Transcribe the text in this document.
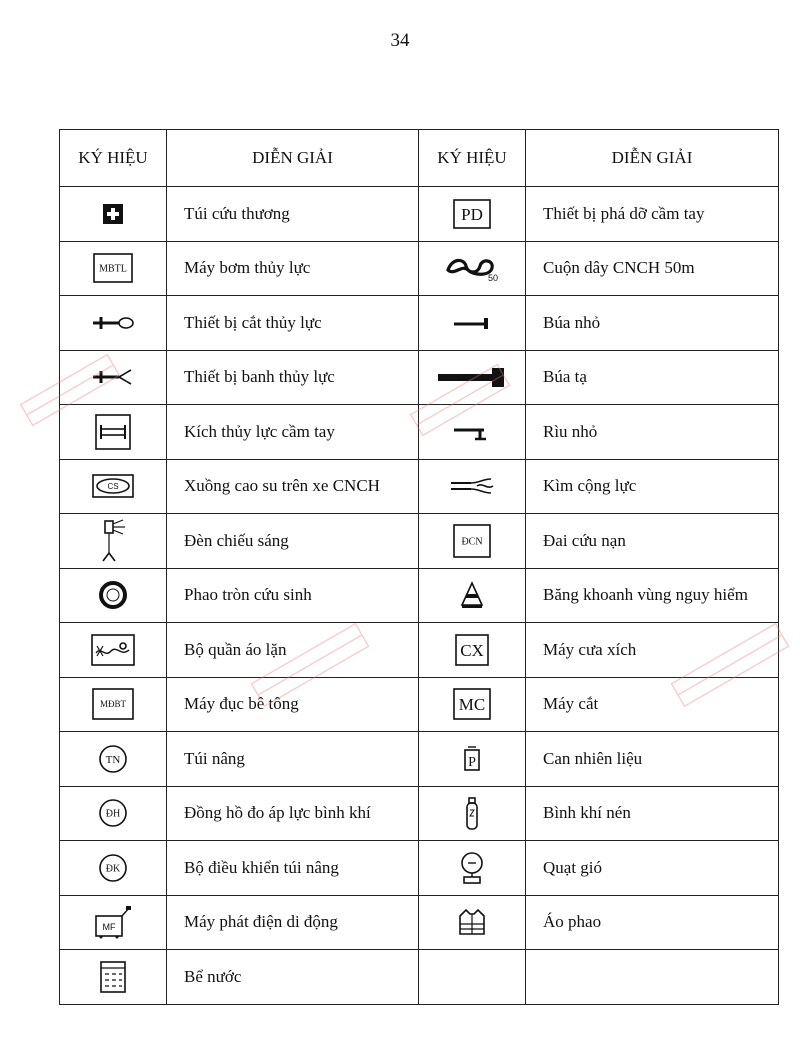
34
KÝ HIỆU	DIỄN GIẢI	KÝ HIỆU	DIỄN GIẢI

	Túi cứu thương	PD	Thiết bị phá dỡ cầm tay

MBTL	Máy bơm thủy lực	50	Cuộn dây CNCH 50m

	Thiết bị cắt thủy lực		Búa nhỏ

	Thiết bị banh thủy lực		Búa tạ

	Kích thủy lực cầm tay		Rìu nhỏ

CS	Xuồng cao su trên xe CNCH		Kìm cộng lực

	Đèn chiếu sáng	ĐCN	Đai cứu nạn

	Phao tròn cứu sinh		Băng khoanh vùng nguy hiểm

	Bộ quần áo lặn	CX	Máy cưa xích

MĐBT	Máy đục bê tông	MC	Máy cắt

TN	Túi nâng	P	Can nhiên liệu

ĐH	Đồng hồ đo áp lực bình khí		Bình khí nén

ĐK	Bộ điều khiển túi nâng		Quạt gió

MF	Máy phát điện di động		Áo phao

	Bể nước		
